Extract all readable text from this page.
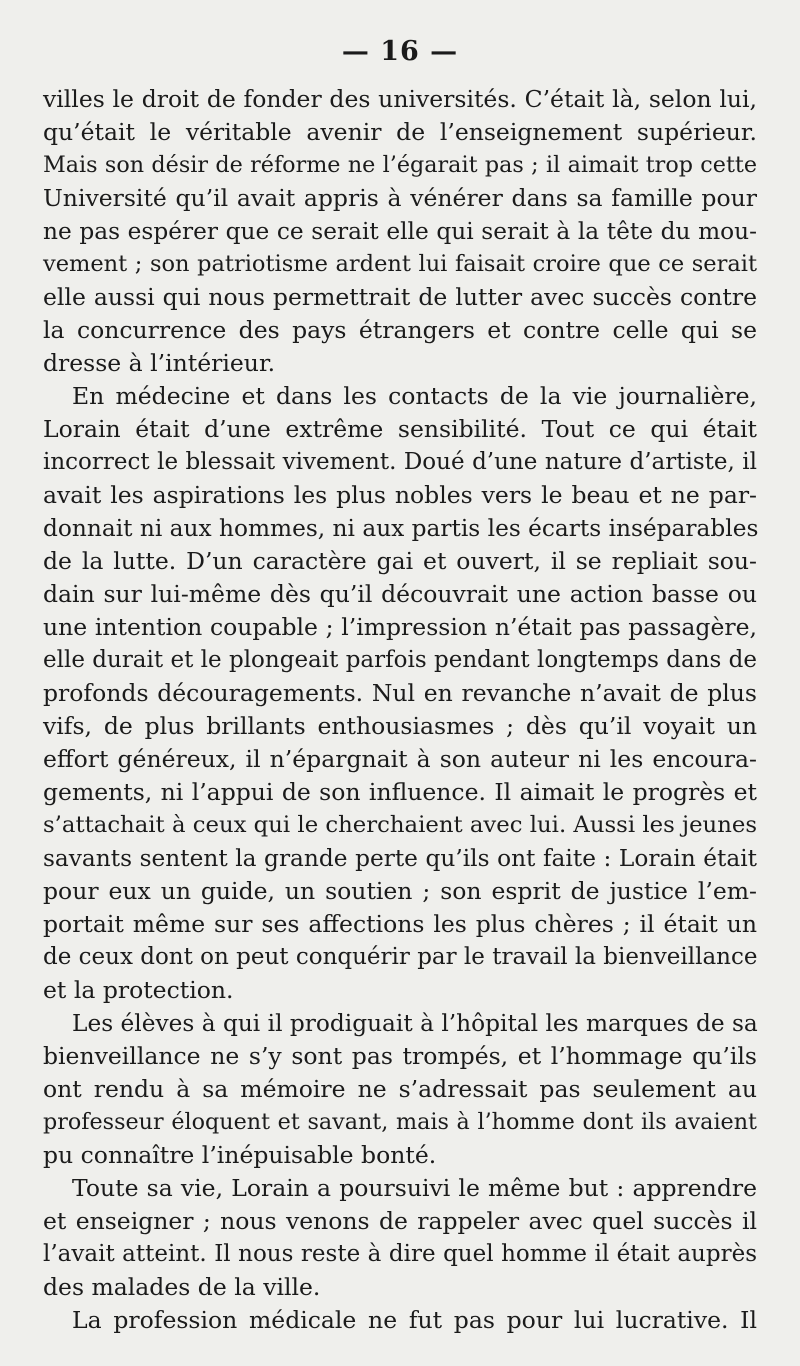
— 16 —
villes le droit de fonder des universités. C’était là, selon lui,
qu’était le véritable avenir de l’enseignement supérieur.
Mais son désir de réforme ne l’égarait pas ; il aimait trop cette
Université qu’il avait appris à vénérer dans sa famille pour
ne pas espérer que ce serait elle qui serait à la tête du mou-
vement ; son patriotisme ardent lui faisait croire que ce serait
elle aussi qui nous permettrait de lutter avec succès contre
la concurrence des pays étrangers et contre celle qui se
dresse à l’intérieur.
En médecine et dans les contacts de la vie journalière,
Lorain était d’une extrême sensibilité. Tout ce qui était
incorrect le blessait vivement. Doué d’une nature d’artiste, il
avait les aspirations les plus nobles vers le beau et ne par-
donnait ni aux hommes, ni aux partis les écarts inséparables
de la lutte. D’un caractère gai et ouvert, il se repliait sou-
dain sur lui-même dès qu’il découvrait une action basse ou
une intention coupable ; l’impression n’était pas passagère,
elle durait et le plongeait parfois pendant longtemps dans de
profonds découragements. Nul en revanche n’avait de plus
vifs, de plus brillants enthousiasmes ; dès qu’il voyait un
effort généreux, il n’épargnait à son auteur ni les encoura-
gements, ni l’appui de son influence. Il aimait le progrès et
s’attachait à ceux qui le cherchaient avec lui. Aussi les jeunes
savants sentent la grande perte qu’ils ont faite : Lorain était
pour eux un guide, un soutien ; son esprit de justice l’em-
portait même sur ses affections les plus chères ; il était un
de ceux dont on peut conquérir par le travail la bienveillance
et la protection.
Les élèves à qui il prodiguait à l’hôpital les marques de sa
bienveillance ne s’y sont pas trompés, et l’hommage qu’ils
ont rendu à sa mémoire ne s’adressait pas seulement au
professeur éloquent et savant, mais à l’homme dont ils avaient
pu connaître l’inépuisable bonté.
Toute sa vie, Lorain a poursuivi le même but : apprendre
et enseigner ; nous venons de rappeler avec quel succès il
l’avait atteint. Il nous reste à dire quel homme il était auprès
des malades de la ville.
La profession médicale ne fut pas pour lui lucrative. Il
